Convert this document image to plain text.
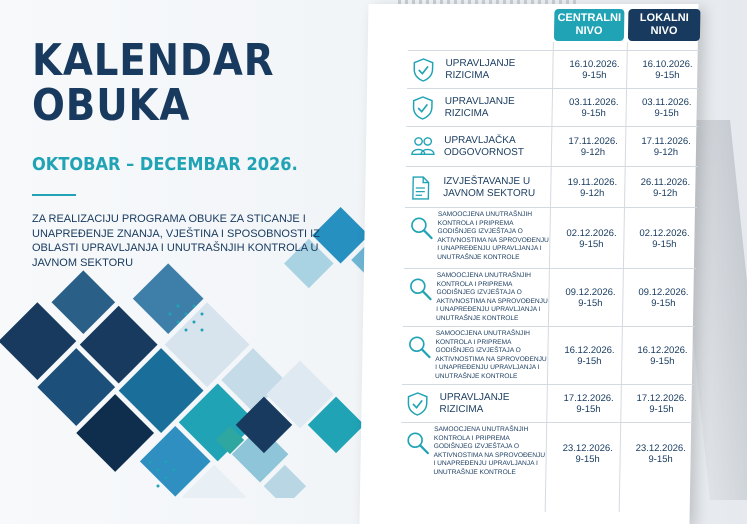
KALENDAR
OBUKA
OKTOBAR – DECEMBAR 2026.
ZA REALIZACIJU PROGRAMA OBUKE ZA STICANJE I UNAPREĐENJE ZNANJA, VJEŠTINA I SPOSOBNOSTI IZ OBLASTI UPRAVLJANJA I UNUTRAŠNJIH KONTROLA U JAVNOM SEKTORU
CENTRALNI NIVO
LOKALNI NIVO
UPRAVLJANJE RIZICIMA
16.10.2026.
9-15h
16.10.2026.
9-15h
UPRAVLJANJE RIZICIMA
03.11.2026.
9-15h
03.11.2026.
9-15h
UPRAVLJAČKA ODGOVORNOST
17.11.2026.
9-12h
17.11.2026.
9-12h
IZVJEŠTAVANJE U JAVNOM SEKTORU
19.11.2026.
9-12h
26.11.2026.
9-12h
SAMOOCJENA UNUTRAŠNJIH KONTROLA I PRIPREMA GODIŠNJEG IZVJEŠTAJA O AKTIVNOSTIMA NA SPROVOĐENJU I UNAPREĐENJU UPRAVLJANJA I UNUTRAŠNJE KONTROLE
02.12.2026.
9-15h
02.12.2026.
9-15h
SAMOOCJENA UNUTRAŠNJIH KONTROLA I PRIPREMA GODIŠNJEG IZVJEŠTAJA O AKTIVNOSTIMA NA SPROVOĐENJU I UNAPREĐENJU UPRAVLJANJA I UNUTRAŠNJE KONTROLE
09.12.2026.
9-15h
09.12.2026.
9-15h
SAMOOCJENA UNUTRAŠNJIH KONTROLA I PRIPREMA GODIŠNJEG IZVJEŠTAJA O AKTIVNOSTIMA NA SPROVOĐENJU I UNAPREĐENJU UPRAVLJANJA I UNUTRAŠNJE KONTROLE
16.12.2026.
9-15h
16.12.2026.
9-15h
UPRAVLJANJE RIZICIMA
17.12.2026.
9-15h
17.12.2026.
9-15h
SAMOOCJENA UNUTRAŠNJIH KONTROLA I PRIPREMA GODIŠNJEG IZVJEŠTAJA O AKTIVNOSTIMA NA SPROVOĐENJU I UNAPREĐENJU UPRAVLJANJA I UNUTRAŠNJE KONTROLE
23.12.2026.
9-15h
23.12.2026.
9-15h
